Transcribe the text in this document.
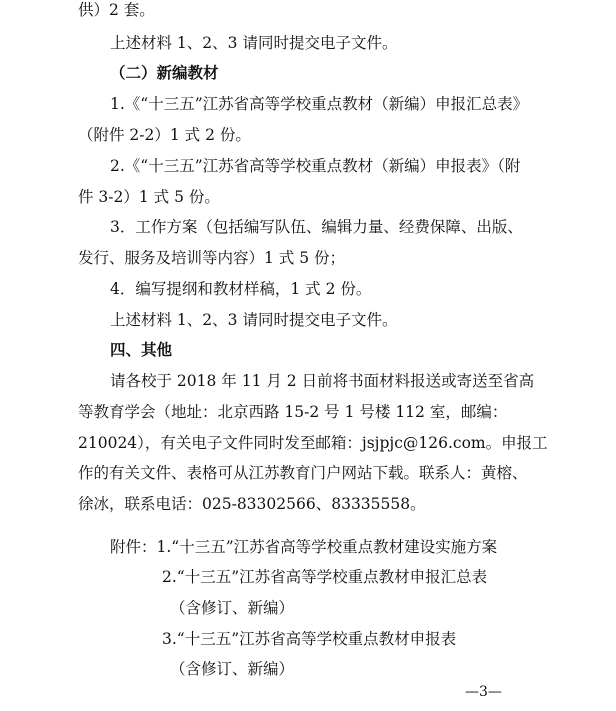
供）2 套。
上述材料 1、2、3 请同时提交电子文件。
（二）新编教材
1.《“十三五”江苏省高等学校重点教材（新编）申报汇总表》
（附件 2-2）1 式 2 份。
2.《“十三五”江苏省高等学校重点教材（新编）申报表》（附
件 3-2）1 式 5 份。
3．工作方案（包括编写队伍、编辑力量、经费保障、出版、
发行、服务及培训等内容）1 式 5 份；
4．编写提纲和教材样稿，1 式 2 份。
上述材料 1、2、3 请同时提交电子文件。
四、其他
请各校于 2018 年 11 月 2 日前将书面材料报送或寄送至省高
等教育学会（地址：北京西路 15-2 号 1 号楼 112 室，邮编：
210024），有关电子文件同时发至邮箱：jsjpjc@126.com。申报工
作的有关文件、表格可从江苏教育门户网站下载。联系人：黄榕、
徐冰，联系电话：025-83302566、83335558。
附件：1.“十三五”江苏省高等学校重点教材建设实施方案
2.“十三五”江苏省高等学校重点教材申报汇总表
（含修订、新编）
3.“十三五”江苏省高等学校重点教材申报表
（含修订、新编）
—3—
